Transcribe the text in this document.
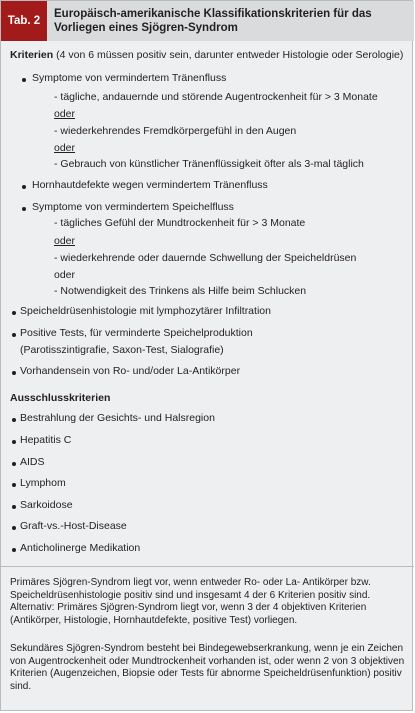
Tab. 2
Europäisch-amerikanische Klassifikationskriterien für das
Vorliegen eines Sjögren-Syndrom
Kriterien (4 von 6 müssen positiv sein, darunter entweder Histologie oder Serologie)
Symptome von vermindertem Tränenfluss
- tägliche, andauernde und störende Augentrockenheit für > 3 Monate
oder
- wiederkehrendes Fremdkörpergefühl in den Augen
oder
- Gebrauch von künstlicher Tränenflüssigkeit öfter als 3-mal täglich
Hornhautdefekte wegen vermindertem Tränenfluss
Symptome von vermindertem Speichelfluss
- tägliches Gefühl der Mundtrockenheit für > 3 Monate
oder
- wiederkehrende oder dauernde Schwellung der Speicheldrüsen
oder
- Notwendigkeit des Trinkens als Hilfe beim Schlucken
Speicheldrüsenhistologie mit lymphozytärer Infiltration
Positive Tests, für verminderte Speichelproduktion
(Parotisszintigrafie, Saxon-Test, Sialografie)
Vorhandensein von Ro- und/oder La-Antikörper
Ausschlusskriterien
Bestrahlung der Gesichts- und Halsregion
Hepatitis C
AIDS
Lymphom
Sarkoidose
Graft-vs.-Host-Disease
Anticholinerge Medikation
Primäres Sjögren-Syndrom liegt vor, wenn entweder Ro- oder La- Antikörper bzw.
Speicheldrüsenhistologie positiv sind und insgesamt 4 der 6 Kriterien positiv sind.
Alternativ: Primäres Sjögren-Syndrom liegt vor, wenn 3 der 4 objektiven Kriterien
(Antikörper, Histologie, Hornhautdefekte, positive Test) vorliegen.
Sekundäres Sjögren-Syndrom besteht bei Bindegewebserkrankung, wenn je ein Zeichen
von Augentrockenheit oder Mundtrockenheit vorhanden ist, oder wenn 2 von 3 objektiven
Kriterien (Augenzeichen, Biopsie oder Tests für abnorme Speicheldrüsenfunktion) positiv
sind.
